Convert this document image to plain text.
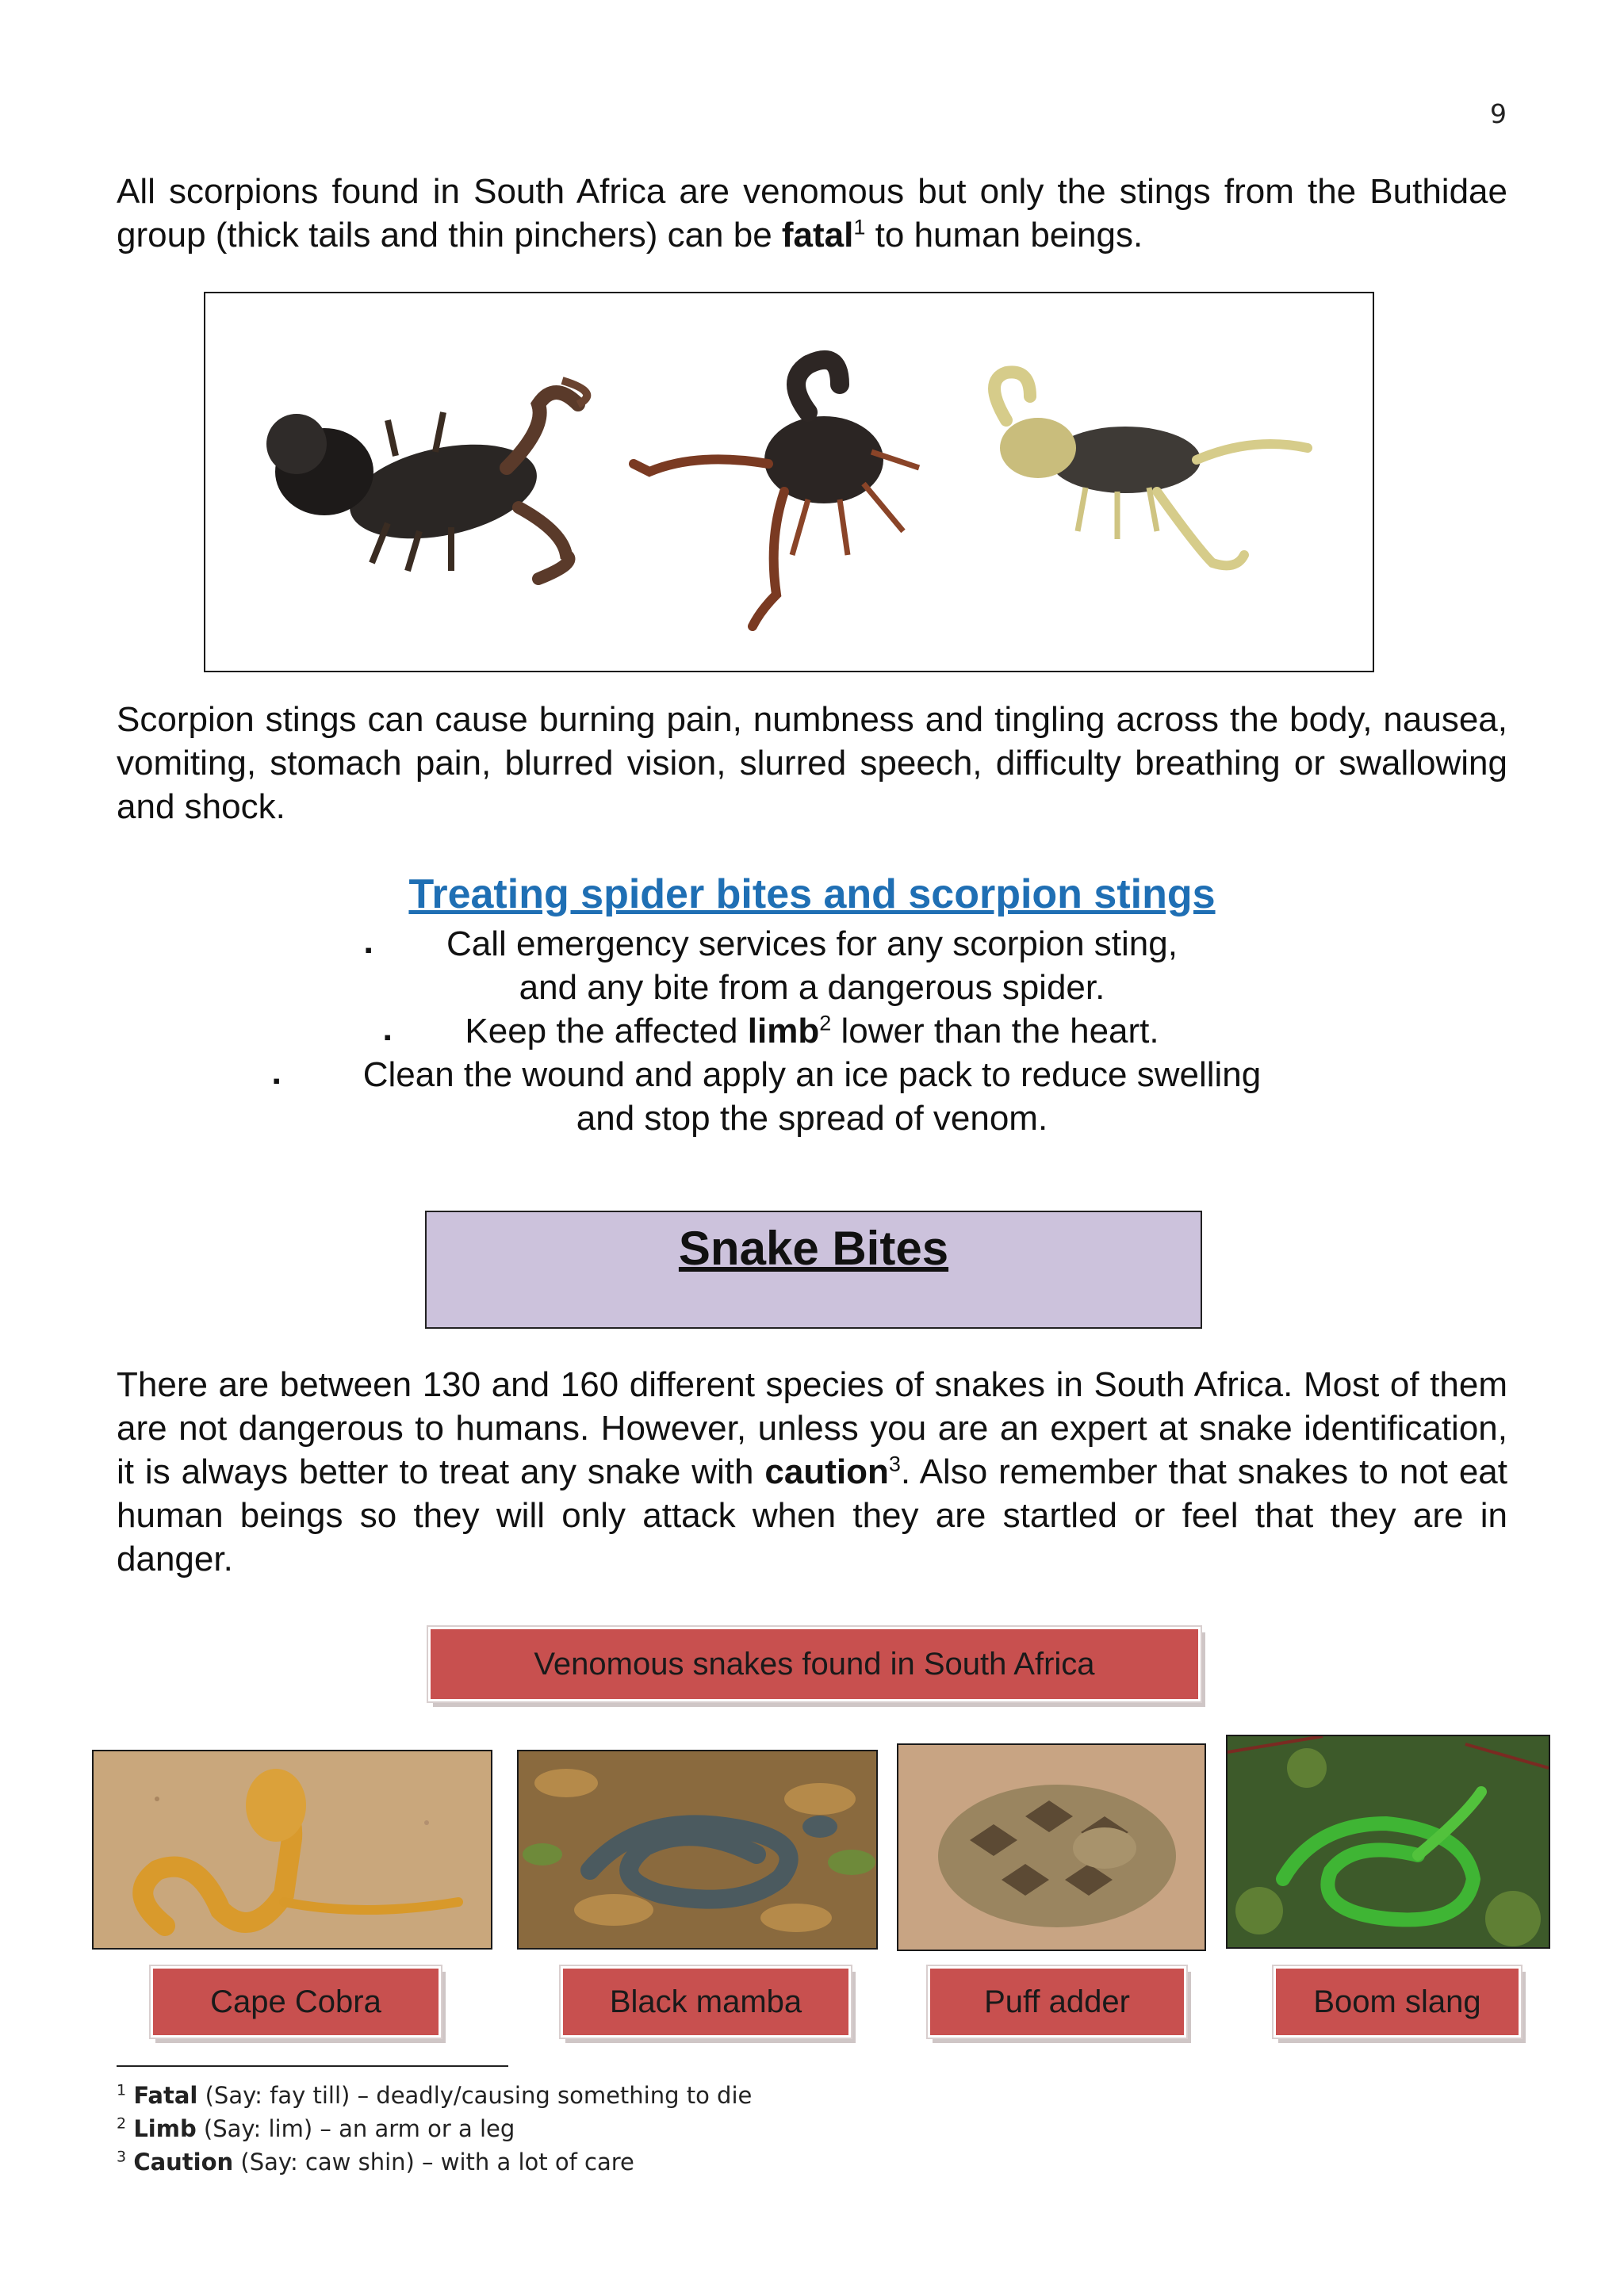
9
All scorpions found in South Africa are venomous but only the stings from the Buthidae group (thick tails and thin pinchers) can be fatal$^1$ to human beings.
Scorpion stings can cause burning pain, numbness and tingling across the body, nausea, vomiting, stomach pain, blurred vision, slurred speech, difficulty breathing or swallowing and shock.
Treating spider bites and scorpion stings
▪	Call emergency services for any scorpion sting,
and any bite from a dangerous spider.
▪	Keep the affected limb$^2$ lower than the heart.
▪	Clean the wound and apply an ice pack to reduce swelling
and stop the spread of venom.
Snake Bites
There are between 130 and 160 different species of snakes in South Africa. Most of them are not dangerous to humans. However, unless you are an expert at snake identification, it is always better to treat any snake with caution$^3$. Also remember that snakes to not eat human beings so they will only attack when they are startled or feel that they are in danger.
Venomous snakes found in South Africa
Cape Cobra	Black mamba	Puff adder	Boom slang
$^1$ Fatal (Say: fay till) – deadly/causing something to die
$^2$ Limb (Say: lim) – an arm or a leg
$^3$ Caution (Say: caw shin) – with a lot of care
